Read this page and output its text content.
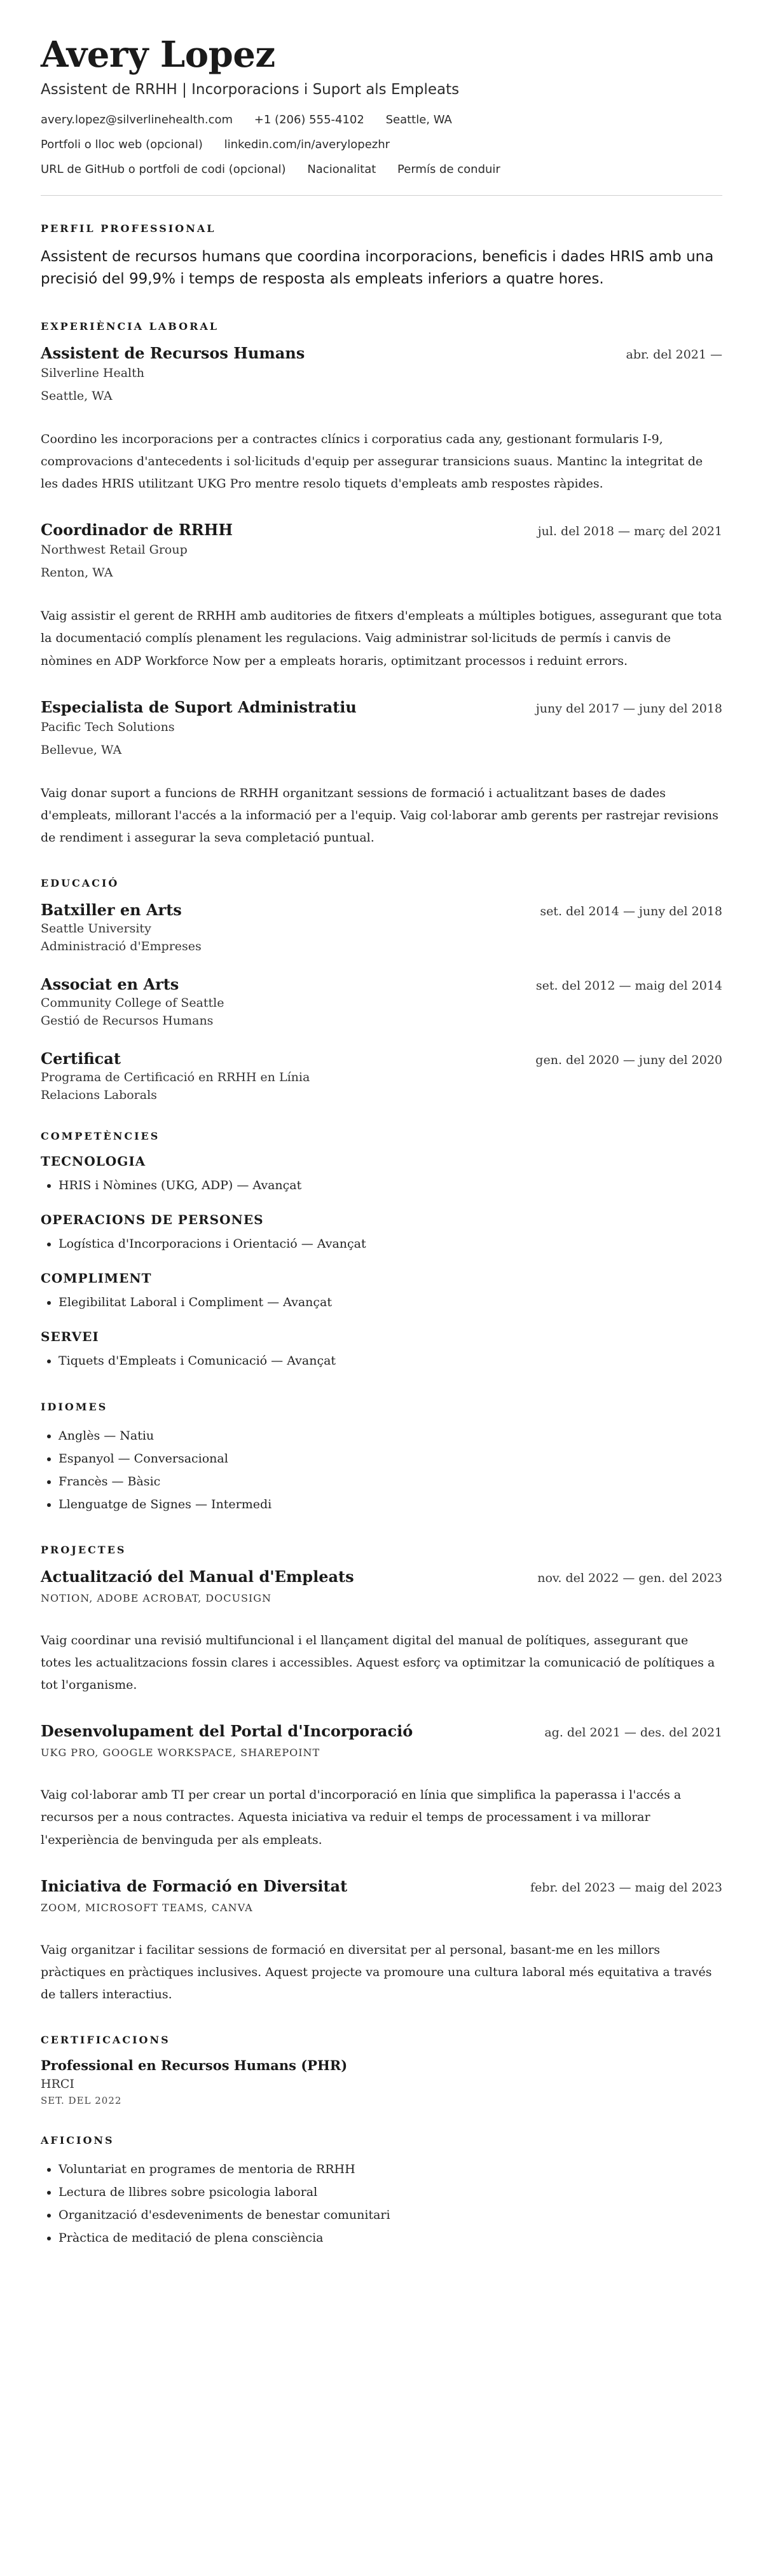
Avery Lopez
Assistent de RRHH | Incorporacions i Suport als Empleats
avery.lopez@silverlinehealth.com +1 (206) 555-4102 Seattle, WA
Portfoli o lloc web (opcional) linkedin.com/in/averylopezhr
URL de GitHub o portfoli de codi (opcional) Nacionalitat Permís de conduir
PERFIL PROFESSIONAL

Assistent de recursos humans que coordina incorporacions, beneficis i dades HRIS amb una precisió del 99,9% i temps de resposta als empleats inferiors a quatre hores.

EXPERIÈNCIA LABORAL
Assistent de Recursos Humans	abr. del 2021 —
Silverline Health
Seattle, WA
Coordino les incorporacions per a contractes clínics i corporatius cada any, gestionant formularis I-9, comprovacions d'antecedents i sol·licituds d'equip per assegurar transicions suaus. Mantinc la integritat de les dades HRIS utilitzant UKG Pro mentre resolo tiquets d'empleats amb respostes ràpides.
Coordinador de RRHH	jul. del 2018 — març del 2021
Northwest Retail Group
Renton, WA
Vaig assistir el gerent de RRHH amb auditories de fitxers d'empleats a múltiples botigues, assegurant que tota la documentació complís plenament les regulacions. Vaig administrar sol·licituds de permís i canvis de nòmines en ADP Workforce Now per a empleats horaris, optimitzant processos i reduint errors.
Especialista de Suport Administratiu	juny del 2017 — juny del 2018
Pacific Tech Solutions
Bellevue, WA
Vaig donar suport a funcions de RRHH organitzant sessions de formació i actualitzant bases de dades d'empleats, millorant l'accés a la informació per a l'equip. Vaig col·laborar amb gerents per rastrejar revisions de rendiment i assegurar la seva completació puntual.
EDUCACIÓ
Batxiller en Arts	set. del 2014 — juny del 2018
Seattle University
Administració d'Empreses
Associat en Arts	set. del 2012 — maig del 2014
Community College of Seattle
Gestió de Recursos Humans
Certificat	gen. del 2020 — juny del 2020
Programa de Certificació en RRHH en Línia
Relacions Laborals
COMPETÈNCIES
TECNOLOGIA
• HRIS i Nòmines (UKG, ADP) — Avançat
OPERACIONS DE PERSONES
• Logística d'Incorporacions i Orientació — Avançat
COMPLIMENT
• Elegibilitat Laboral i Compliment — Avançat
SERVEI
• Tiquets d'Empleats i Comunicació — Avançat
IDIOMES
• Anglès — Natiu
• Espanyol — Conversacional
• Francès — Bàsic
• Llenguatge de Signes — Intermedi
PROJECTES
Actualització del Manual d'Empleats	nov. del 2022 — gen. del 2023
NOTION, ADOBE ACROBAT, DOCUSIGN
Vaig coordinar una revisió multifuncional i el llançament digital del manual de polítiques, assegurant que totes les actualitzacions fossin clares i accessibles. Aquest esforç va optimitzar la comunicació de polítiques a tot l'organisme.
Desenvolupament del Portal d'Incorporació	ag. del 2021 — des. del 2021
UKG PRO, GOOGLE WORKSPACE, SHAREPOINT
Vaig col·laborar amb TI per crear un portal d'incorporació en línia que simplifica la paperassa i l'accés a recursos per a nous contractes. Aquesta iniciativa va reduir el temps de processament i va millorar l'experiència de benvinguda per als empleats.
Iniciativa de Formació en Diversitat	febr. del 2023 — maig del 2023
ZOOM, MICROSOFT TEAMS, CANVA
Vaig organitzar i facilitar sessions de formació en diversitat per al personal, basant-me en les millors pràctiques en pràctiques inclusives. Aquest projecte va promoure una cultura laboral més equitativa a través de tallers interactius.
CERTIFICACIONS
Professional en Recursos Humans (PHR)
HRCI
SET. DEL 2022
AFICIONS
• Voluntariat en programes de mentoria de RRHH
• Lectura de llibres sobre psicologia laboral
• Organització d'esdeveniments de benestar comunitari
• Pràctica de meditació de plena consciència
